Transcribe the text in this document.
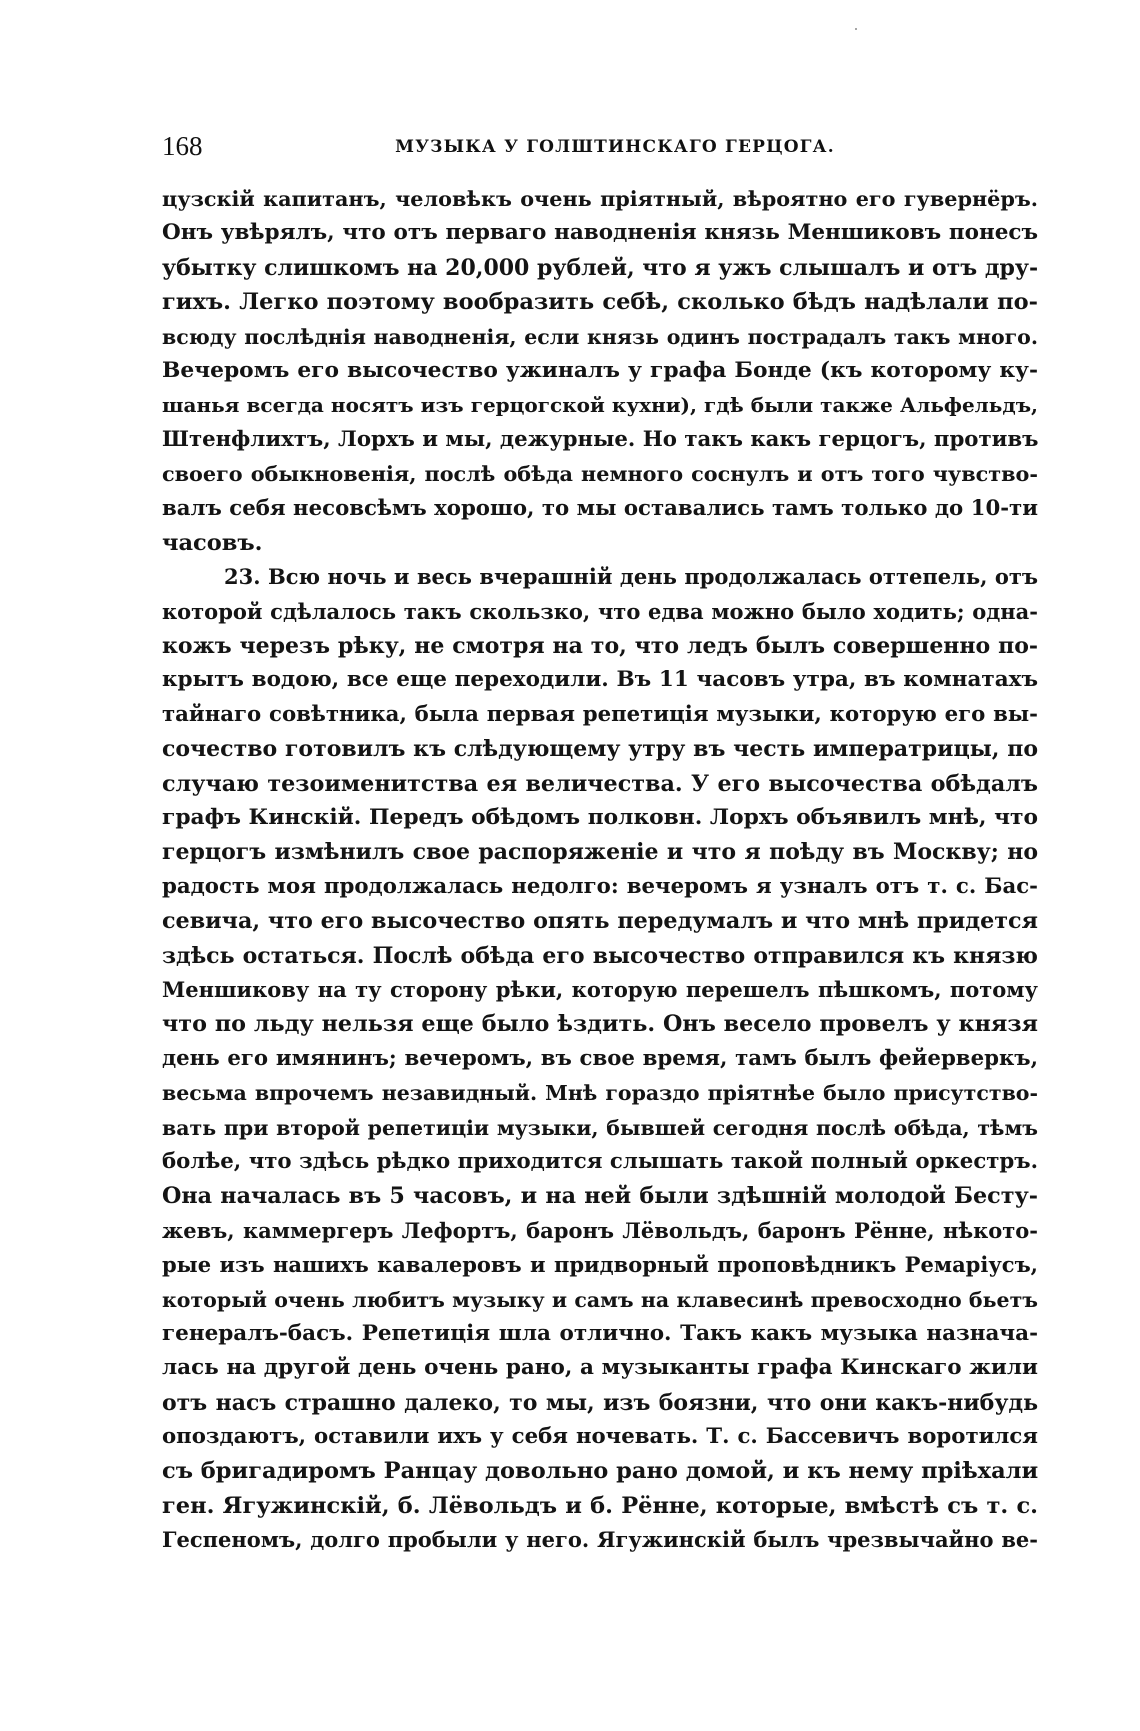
168	МУЗЫКА У ГОЛШТИНСКАГО ГЕРЦОГА.
цузскій капитанъ, человѣкъ очень пріятный, вѣроятно его гувернёръ.
Онъ увѣрялъ, что отъ перваго наводненія князь Меншиковъ понесъ
убытку слишкомъ на 20,000 рублей, что я ужъ слышалъ и отъ дру-
гихъ. Легко поэтому вообразить себѣ, сколько бѣдъ надѣлали по-
всюду послѣднія наводненія, если князь одинъ пострадалъ такъ много.
Вечеромъ его высочество ужиналъ у графа Бонде (къ которому ку-
шанья всегда носятъ изъ герцогской кухни), гдѣ были также Альфельдъ,
Штенфлихтъ, Лорхъ и мы, дежурные. Но такъ какъ герцогъ, противъ
своего обыкновенія, послѣ обѣда немного соснулъ и отъ того чувство-
валъ себя несовсѣмъ хорошо, то мы оставались тамъ только до 10-ти
часовъ.
23. Всю ночь и весь вчерашній день продолжалась оттепель, отъ
которой сдѣлалось такъ скользко, что едва можно было ходить; одна-
кожъ черезъ рѣку, не смотря на то, что ледъ былъ совершенно по-
крытъ водою, все еще переходили. Въ 11 часовъ утра, въ комнатахъ
тайнаго совѣтника, была первая репетиція музыки, которую его вы-
сочество готовилъ къ слѣдующему утру въ честь императрицы, по
случаю тезоименитства ея величества. У его высочества обѣдалъ
графъ Кинскій. Передъ обѣдомъ полковн. Лорхъ объявилъ мнѣ, что
герцогъ измѣнилъ свое распоряженіе и что я поѣду въ Москву; но
радость моя продолжалась недолго: вечеромъ я узналъ отъ т. с. Бас-
севича, что его высочество опять передумалъ и что мнѣ придется
здѣсь остаться. Послѣ обѣда его высочество отправился къ князю
Меншикову на ту сторону рѣки, которую перешелъ пѣшкомъ, потому
что по льду нельзя еще было ѣздить. Онъ весело провелъ у князя
день его имянинъ; вечеромъ, въ свое время, тамъ былъ фейерверкъ,
весьма впрочемъ незавидный. Мнѣ гораздо пріятнѣе было присутство-
вать при второй репетиціи музыки, бывшей сегодня послѣ обѣда, тѣмъ
болѣе, что здѣсь рѣдко приходится слышать такой полный оркестръ.
Она началась въ 5 часовъ, и на ней были здѣшній молодой Бесту-
жевъ, каммергеръ Лефортъ, баронъ Лёвольдъ, баронъ Рённе, нѣкото-
рые изъ нашихъ кавалеровъ и придворный проповѣдникъ Ремаріусъ,
который очень любитъ музыку и самъ на клавесинѣ превосходно бьетъ
генералъ-басъ. Репетиція шла отлично. Такъ какъ музыка назнача-
лась на другой день очень рано, а музыканты графа Кинскаго жили
отъ насъ страшно далеко, то мы, изъ боязни, что они какъ-нибудь
опоздаютъ, оставили ихъ у себя ночевать. Т. с. Бассевичъ воротился
съ бригадиромъ Ранцау довольно рано домой, и къ нему пріѣхали
ген. Ягужинскій, б. Лёвольдъ и б. Рённе, которые, вмѣстѣ съ т. с.
Геспеномъ, долго пробыли у него. Ягужинскій былъ чрезвычайно ве-
